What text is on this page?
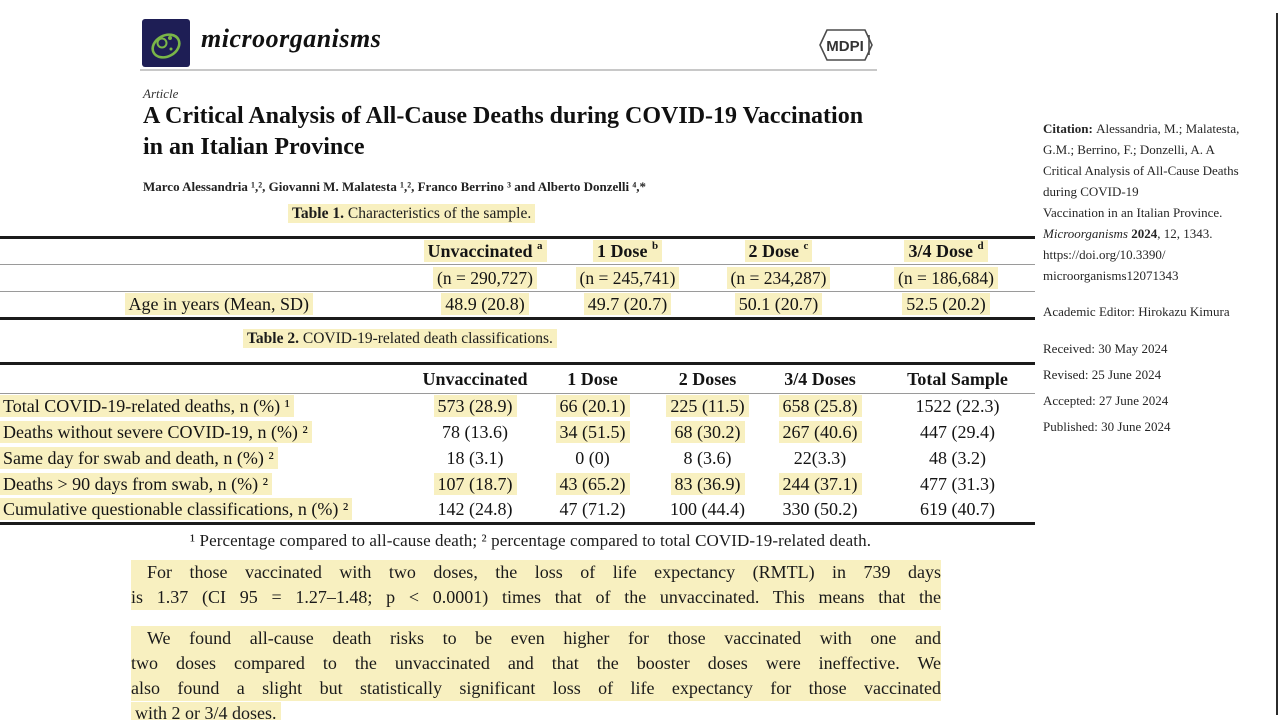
microorganisms	MDPI
Article
A Critical Analysis of All-Cause Deaths during COVID-19 Vaccination in an Italian Province
Marco Alessandria ¹,², Giovanni M. Malatesta ¹,², Franco Berrino ³ and Alberto Donzelli ⁴,*
Table 1. Characteristics of the sample.
	Unvaccinated $^a$	1 Dose $^b$	2 Dose $^c$	3/4 Dose $^d$
	(n = 290,727)	(n = 245,741)	(n = 234,287)	(n = 186,684)
Age in years (Mean, SD)	48.9 (20.8)	49.7 (20.7)	50.1 (20.7)	52.5 (20.2)
Table 2. COVID-19-related death classifications.
	Unvaccinated	1 Dose	2 Doses	3/4 Doses	Total Sample
Total COVID-19-related deaths, n (%) ¹	573 (28.9)	66 (20.1)	225 (11.5)	658 (25.8)	1522 (22.3)
Deaths without severe COVID-19, n (%) ²	78 (13.6)	34 (51.5)	68 (30.2)	267 (40.6)	447 (29.4)
Same day for swab and death, n (%) ²	18 (3.1)	0 (0)	8 (3.6)	22(3.3)	48 (3.2)
Deaths > 90 days from swab, n (%) ²	107 (18.7)	43 (65.2)	83 (36.9)	244 (37.1)	477 (31.3)
Cumulative questionable classifications, n (%) ²	142 (24.8)	47 (71.2)	100 (44.4)	330 (50.2)	619 (40.7)
¹ Percentage compared to all-cause death; ² percentage compared to total COVID-19-related death.
For those vaccinated with two doses, the loss of life expectancy (RMTL) in 739 days
is 1.37 (CI 95 = 1.27–1.48; p < 0.0001) times that of the unvaccinated. This means that the
We found all-cause death risks to be even higher for those vaccinated with one and
two doses compared to the unvaccinated and that the booster doses were ineffective. We
also found a slight but statistically significant loss of life expectancy for those vaccinated
with 2 or 3/4 doses.
Citation: Alessandria, M.; Malatesta,
G.M.; Berrino, F.; Donzelli, A. A
Critical Analysis of All-Cause Deaths
during COVID-19
Vaccination in an Italian Province.
Microorganisms 2024, 12, 1343.
https://doi.org/10.3390/
microorganisms12071343
Academic Editor: Hirokazu Kimura
Received: 30 May 2024
Revised: 25 June 2024
Accepted: 27 June 2024
Published: 30 June 2024
